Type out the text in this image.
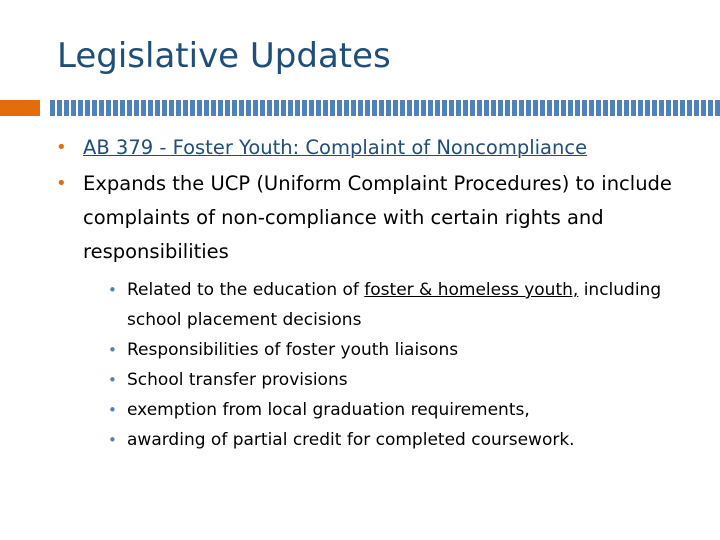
Legislative Updates

• AB 379 - Foster Youth: Complaint of Noncompliance

• Expands the UCP (Uniform Complaint Procedures) to include complaints of non-compliance with certain rights and responsibilities

• Related to the education of foster & homeless youth, including school placement decisions

• Responsibilities of foster youth liaisons

• School transfer provisions

• exemption from local graduation requirements,

• awarding of partial credit for completed coursework.
